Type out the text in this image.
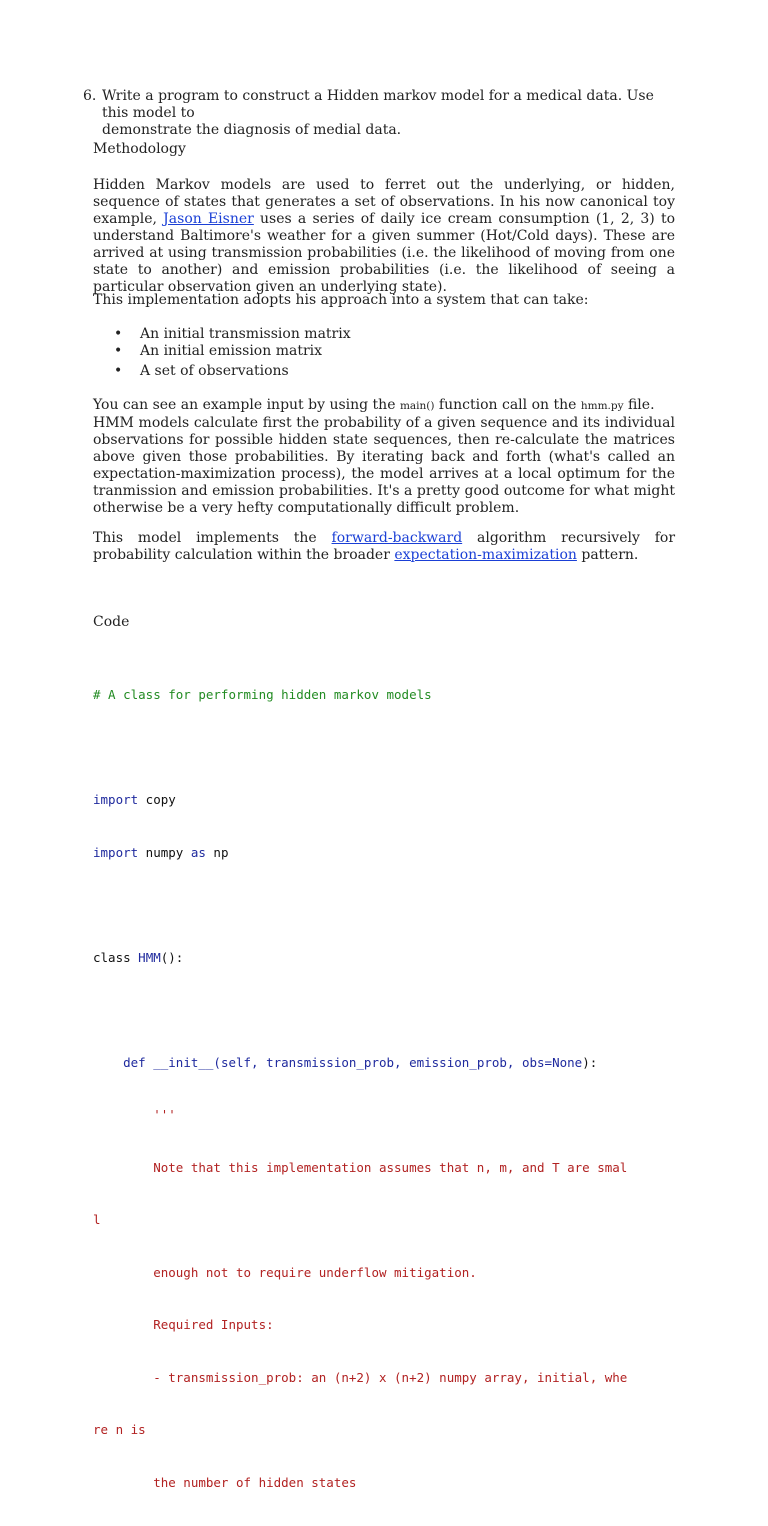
6. Write a program to construct a Hidden markov model for a medical data. Use this model to
demonstrate the diagnosis of medial data.
Methodology
Hidden Markov models are used to ferret out the underlying, or hidden, sequence of states that generates a set of observations. In his now canonical toy example, Jason Eisner uses a series of daily ice cream consumption (1, 2, 3) to understand Baltimore's weather for a given summer (Hot/Cold days). These are arrived at using transmission probabilities (i.e. the likelihood of moving from one state to another) and emission probabilities (i.e. the likelihood of seeing a particular observation given an underlying state).
This implementation adopts his approach into a system that can take:
• An initial transmission matrix
• An initial emission matrix
• A set of observations
You can see an example input by using the main() function call on the hmm.py file.
HMM models calculate first the probability of a given sequence and its individual observations for possible hidden state sequences, then re-calculate the matrices above given those probabilities. By iterating back and forth (what's called an expectation-maximization process), the model arrives at a local optimum for the tranmission and emission probabilities. It's a pretty good outcome for what might otherwise be a very hefty computationally difficult problem.
This model implements the forward-backward algorithm recursively for probability calculation within the broader expectation-maximization pattern.
Code

# A class for performing hidden markov models

import copy

import numpy as np

class HMM():

def __init__(self, transmission_prob, emission_prob, obs=None):

'''

Note that this implementation assumes that n, m, and T are smal

l

enough not to require underflow mitigation.

Required Inputs:

- transmission_prob: an (n+2) x (n+2) numpy array, initial, whe

re n is

the number of hidden states
